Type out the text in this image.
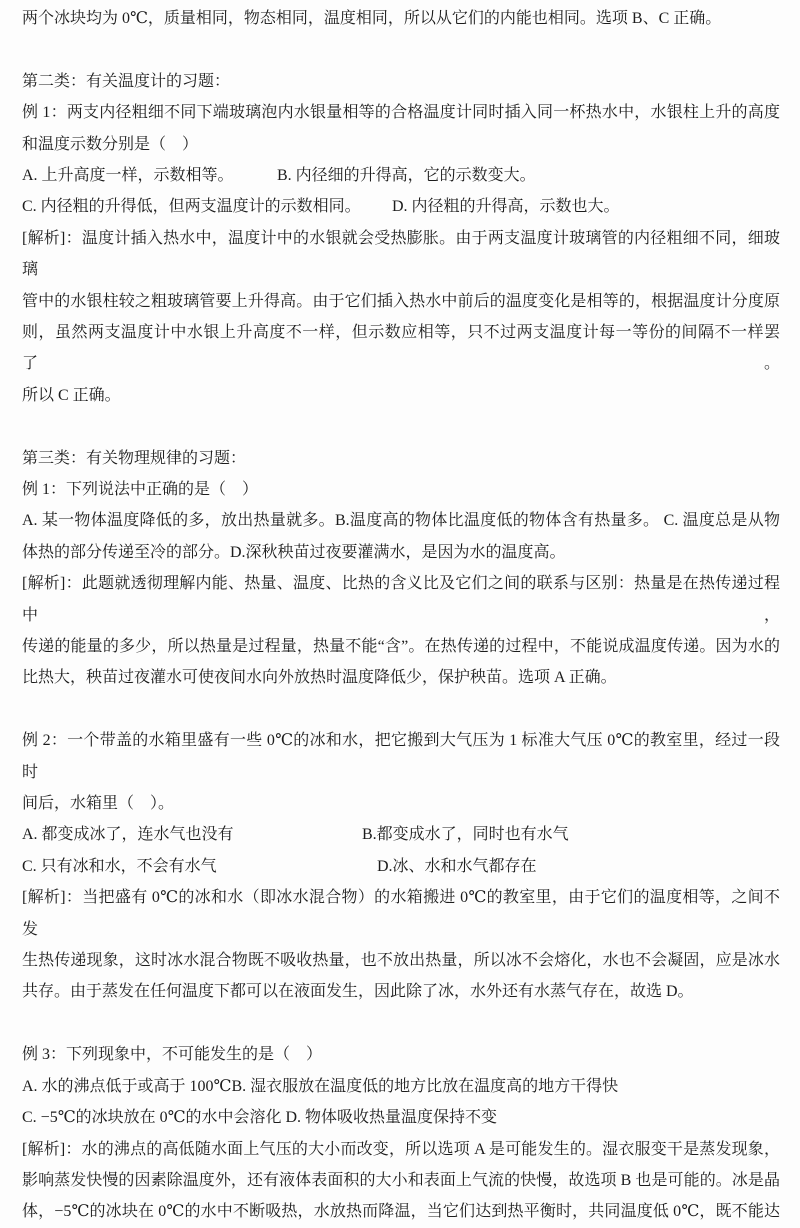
两个冰块均为 0℃，质量相同，物态相同，温度相同，所以从它们的内能也相同。选项 B、C 正确。
第二类：有关温度计的习题：
例 1：两支内径粗细不同下端玻璃泡内水银量相等的合格温度计同时插入同一杯热水中，水银柱上升的高度
和温度示数分别是（　）
A. 上升高度一样，示数相等。	B. 内径细的升得高，它的示数变大。
C. 内径粗的升得低，但两支温度计的示数相同。 D. 内径粗的升得高，示数也大。
[解析]：温度计插入热水中，温度计中的水银就会受热膨胀。由于两支温度计玻璃管的内径粗细不同，细玻璃
管中的水银柱较之粗玻璃管要上升得高。由于它们插入热水中前后的温度变化是相等的，根据温度计分度原
则，虽然两支温度计中水银上升高度不一样，但示数应相等，只不过两支温度计每一等份的间隔不一样罢了。
所以 C 正确。
第三类：有关物理规律的习题：
例 1：下列说法中正确的是（　）
A. 某一物体温度降低的多，放出热量就多。B.温度高的物体比温度低的物体含有热量多。 C. 温度总是从物
体热的部分传递至冷的部分。D.深秋秧苗过夜要灌满水，是因为水的温度高。
[解析]：此题就透彻理解内能、热量、温度、比热的含义比及它们之间的联系与区别：热量是在热传递过程中，
传递的能量的多少，所以热量是过程量，热量不能“含”。在热传递的过程中，不能说成温度传递。因为水的
比热大，秧苗过夜灌水可使夜间水向外放热时温度降低少，保护秧苗。选项 A 正确。
例 2：一个带盖的水箱里盛有一些 0℃的冰和水，把它搬到大气压为 1 标准大气压 0℃的教室里，经过一段时
间后，水箱里（　）。
A. 都变成冰了，连水气也没有	B.都变成水了，同时也有水气
C. 只有冰和水，不会有水气	D.冰、水和水气都存在
[解析]：当把盛有 0℃的冰和水（即冰水混合物）的水箱搬进 0℃的教室里，由于它们的温度相等，之间不发
生热传递现象，这时冰水混合物既不吸收热量，也不放出热量，所以冰不会熔化，水也不会凝固，应是冰水
共存。由于蒸发在任何温度下都可以在液面发生，因此除了冰，水外还有水蒸气存在，故选 D。
例 3：下列现象中，不可能发生的是（　）
A. 水的沸点低于或高于 100℃B. 湿衣服放在温度低的地方比放在温度高的地方干得快
C. −5℃的冰块放在 0℃的水中会溶化 D. 物体吸收热量温度保持不变
[解析]：水的沸点的高低随水面上气压的大小而改变，所以选项 A 是可能发生的。湿衣服变干是蒸发现象，
影响蒸发快慢的因素除温度外，还有液体表面积的大小和表面上气流的快慢，故选项 B 也是可能的。冰是晶
体，−5℃的冰块在 0℃的水中不断吸热，水放热而降温，当它们达到热平衡时，共同温度低 0℃，既不能达
